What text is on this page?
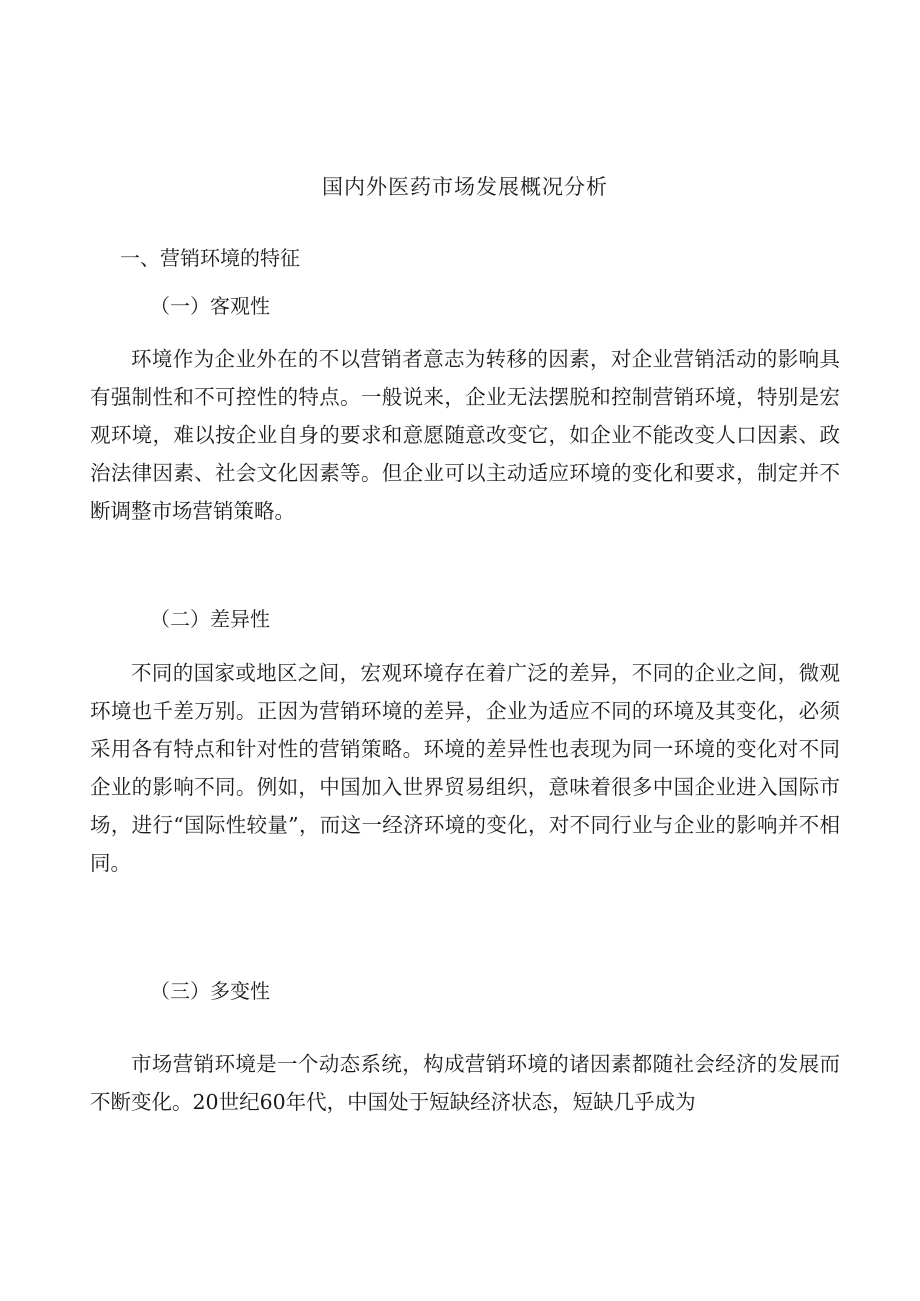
国内外医药市场发展概况分析
一、营销环境的特征
（一）客观性
环境作为企业外在的不以营销者意志为转移的因素，对企业营销活动的影响具有强制性和不可控性的特点。一般说来，企业无法摆脱和控制营销环境，特别是宏观环境，难以按企业自身的要求和意愿随意改变它，如企业不能改变人口因素、政治法律因素、社会文化因素等。但企业可以主动适应环境的变化和要求，制定并不断调整市场营销策略。
（二）差异性
不同的国家或地区之间，宏观环境存在着广泛的差异，不同的企业之间，微观环境也千差万别。正因为营销环境的差异，企业为适应不同的环境及其变化，必须采用各有特点和针对性的营销策略。环境的差异性也表现为同一环境的变化对不同企业的影响不同。例如，中国加入世界贸易组织，意味着很多中国企业进入国际市场，进行“国际性较量”，而这一经济环境的变化，对不同行业与企业的影响并不相同。
（三）多变性
市场营销环境是一个动态系统，构成营销环境的诸因素都随社会经济的发展而不断变化。20世纪60年代，中国处于短缺经济状态，短缺几乎成为
